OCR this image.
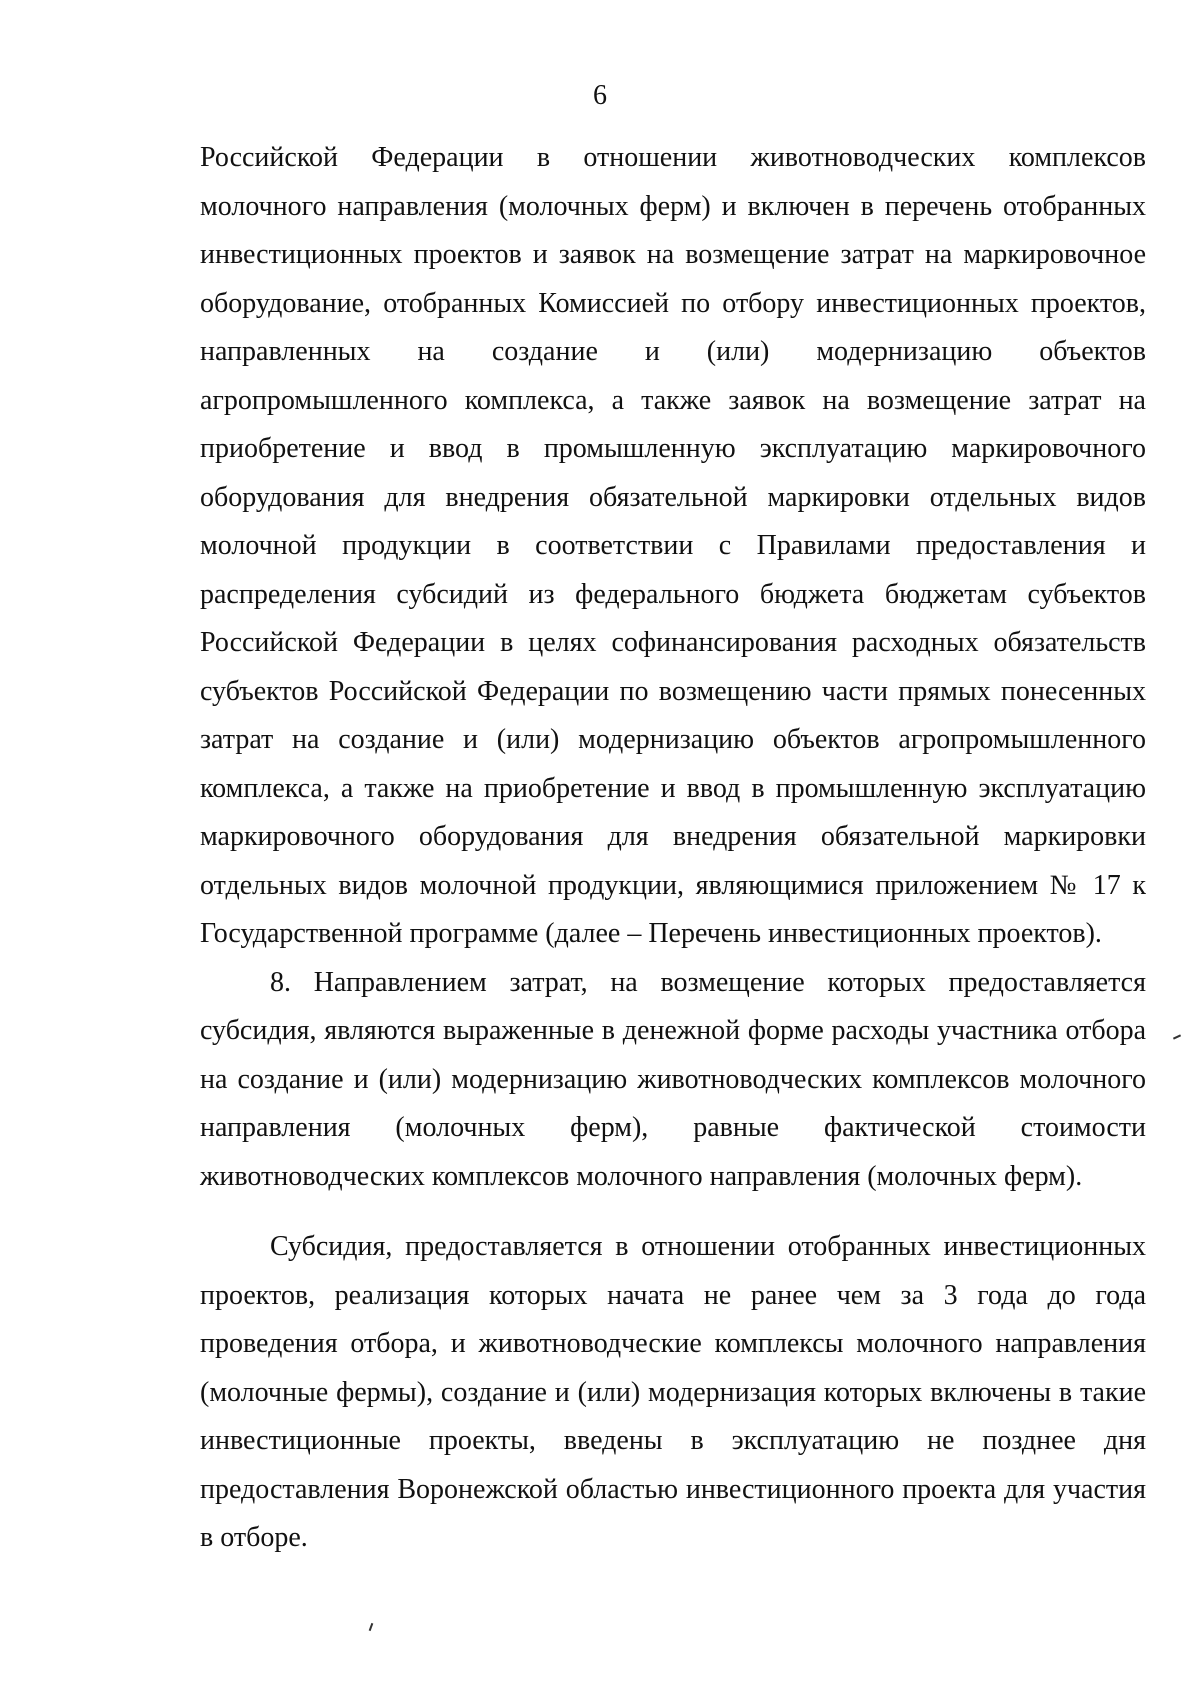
6
Российской Федерации в отношении животноводческих комплексов
молочного направления (молочных ферм) и включен в перечень отобранных
инвестиционных проектов и заявок на возмещение затрат на маркировочное
оборудование, отобранных Комиссией по отбору инвестиционных проектов,
направленных на создание и (или) модернизацию объектов
агропромышленного комплекса, а также заявок на возмещение затрат на
приобретение и ввод в промышленную эксплуатацию маркировочного
оборудования для внедрения обязательной маркировки отдельных видов
молочной продукции в соответствии с Правилами предоставления и
распределения субсидий из федерального бюджета бюджетам субъектов
Российской Федерации в целях софинансирования расходных обязательств
субъектов Российской Федерации по возмещению части прямых понесенных
затрат на создание и (или) модернизацию объектов агропромышленного
комплекса, а также на приобретение и ввод в промышленную эксплуатацию
маркировочного оборудования для внедрения обязательной маркировки
отдельных видов молочной продукции, являющимися приложением № 17 к
Государственной программе (далее – Перечень инвестиционных проектов).
8. Направлением затрат, на возмещение которых предоставляется
субсидия, являются выраженные в денежной форме расходы участника отбора
на создание и (или) модернизацию животноводческих комплексов молочного
направления (молочных ферм), равные фактической стоимости
животноводческих комплексов молочного направления (молочных ферм).
Субсидия, предоставляется в отношении отобранных инвестиционных
проектов, реализация которых начата не ранее чем за 3 года до года
проведения отбора, и животноводческие комплексы молочного направления
(молочные фермы), создание и (или) модернизация которых включены в такие
инвестиционные проекты, введены в эксплуатацию не позднее дня
предоставления Воронежской областью инвестиционного проекта для участия
в отборе.
